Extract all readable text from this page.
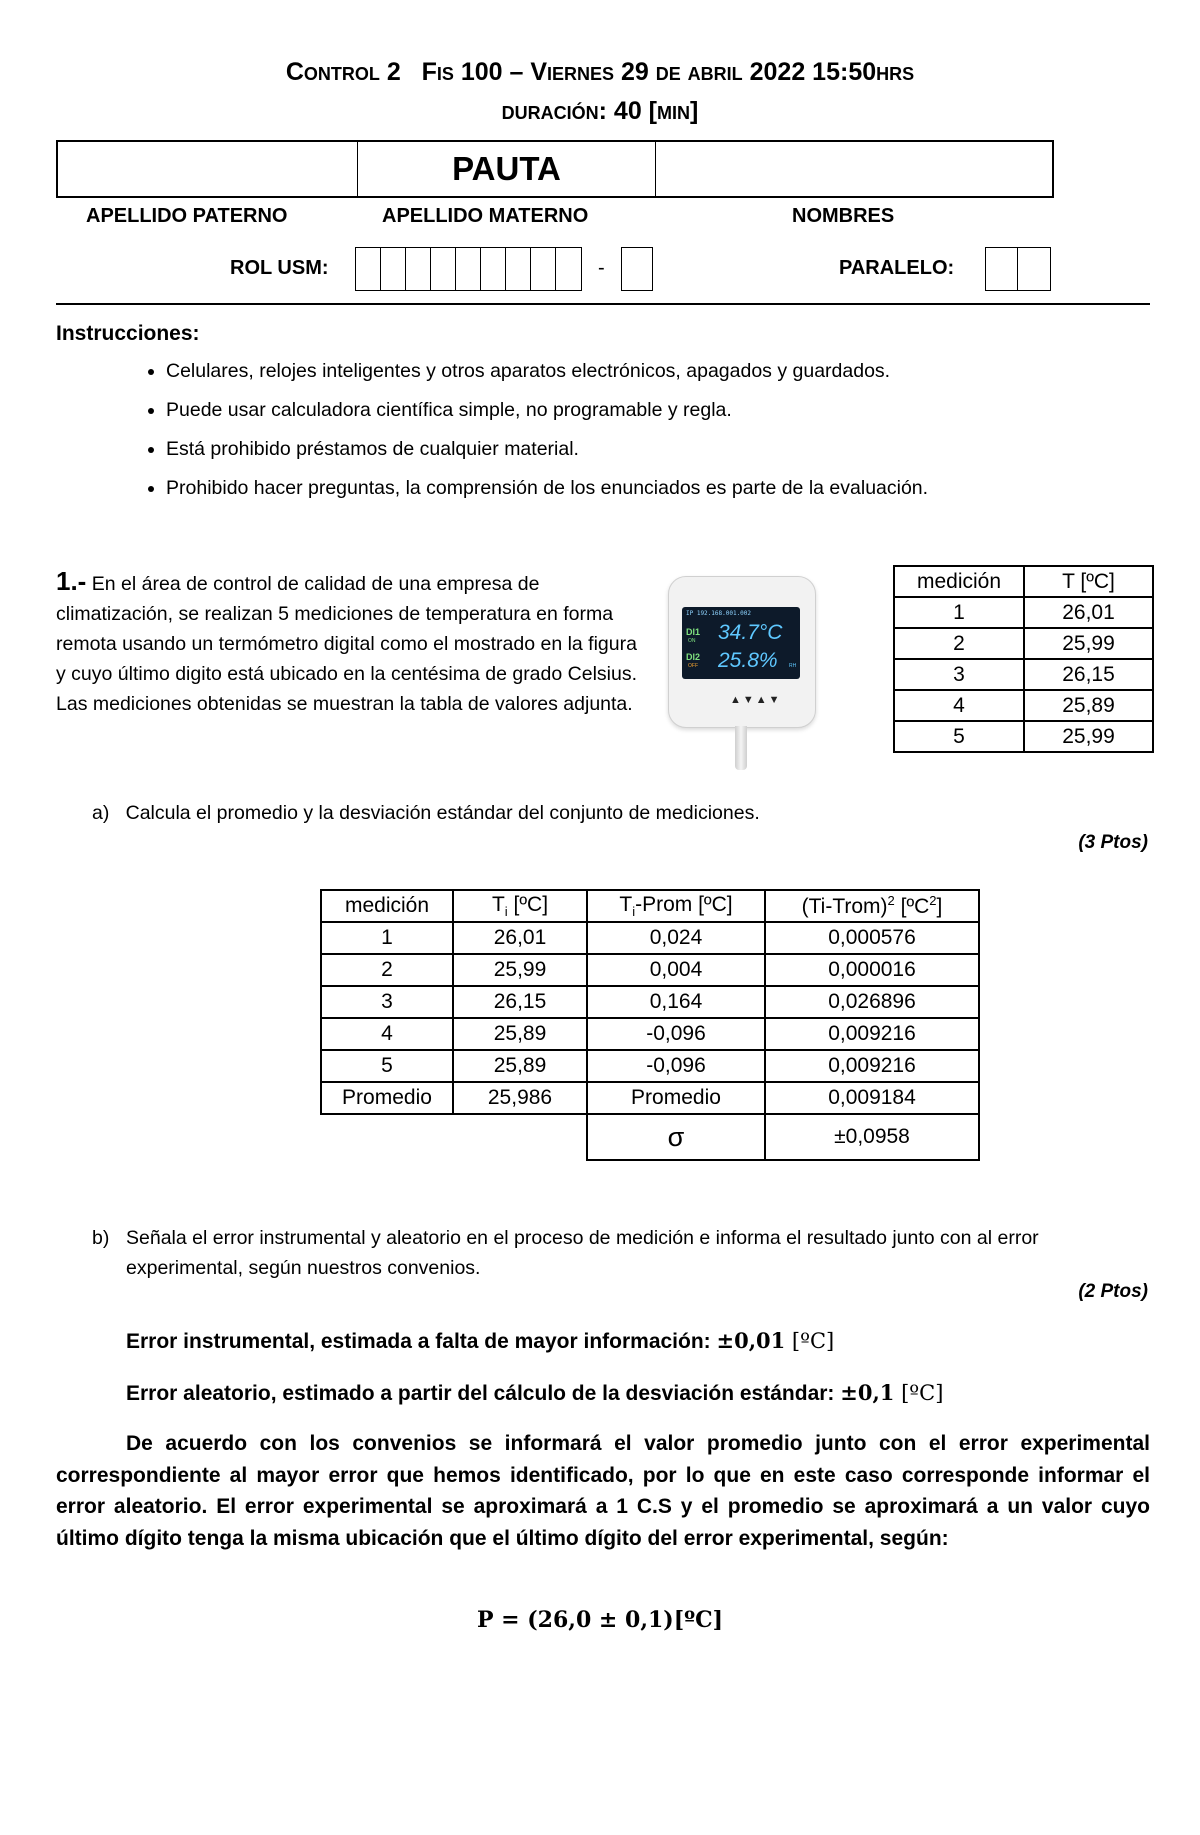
Control 2 Fis 100 – Viernes 29 de abril 2022 15:50hrs
duración: 40 [min]
PAUTA
APELLIDO PATERNO	APELLIDO MATERNO	NOMBRES
ROL USM:	-	PARALELO:
Instrucciones:
• Celulares, relojes inteligentes y otros aparatos electrónicos, apagados y guardados.
• Puede usar calculadora científica simple, no programable y regla.
• Está prohibido préstamos de cualquier material.
• Prohibido hacer preguntas, la comprensión de los enunciados es parte de la evaluación.
1.- En el área de control de calidad de una empresa de climatización, se realizan 5 mediciones de temperatura en forma remota usando un termómetro digital como el mostrado en la figura y cuyo último digito está ubicado en la centésima de grado Celsius. Las mediciones obtenidas se muestran la tabla de valores adjunta.
IP 192.168.001.002
DI1
ON
DI2
OFF
34.7°C
25.8% RH
▲▼▲▼
medición	T [ºC]
1	26,01
2	25,99
3	26,15
4	25,89
5	25,99
a) Calcula el promedio y la desviación estándar del conjunto de mediciones.
(3 Ptos)
medición	$T_i$ [ºC]	$T_i$-Prom [ºC]	(Ti-Trom)$^2$ [ºC$^2$]
1	26,01	0,024	0,000576
2	25,99	0,004	0,000016
3	26,15	0,164	0,026896
4	25,89	-0,096	0,009216
5	25,89	-0,096	0,009216
Promedio	25,986	Promedio	0,009184
		σ	±0,0958
b) Señala el error instrumental y aleatorio en el proceso de medición e informa el resultado junto con al error experimental, según nuestros convenios.
(2 Ptos)
Error instrumental, estimada a falta de mayor información: ±0,01 [ºC]
Error aleatorio, estimado a partir del cálculo de la desviación estándar: ±0,1 [ºC]
De acuerdo con los convenios se informará el valor promedio junto con el error experimental correspondiente al mayor error que hemos identificado, por lo que en este caso corresponde informar el error aleatorio. El error experimental se aproximará a 1 C.S y el promedio se aproximará a un valor cuyo último dígito tenga la misma ubicación que el último dígito del error experimental, según:
P = (26,0 ± 0,1)[ºC]
